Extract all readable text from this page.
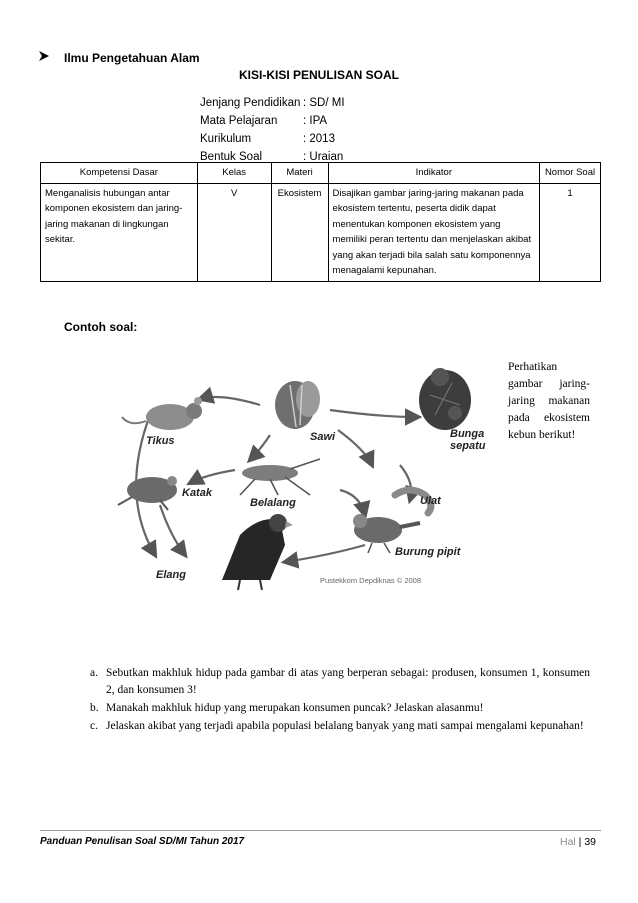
Ilmu Pengetahuan Alam
KISI-KISI PENULISAN SOAL
Jenjang Pendidikan : SD/ MI
Mata Pelajaran	: IPA
Kurikulum	: 2013
Bentuk Soal	: Uraian
Kompetensi Dasar	Kelas	Materi	Indikator	Nomor Soal
Menganalisis hubungan antar komponen ekosistem dan jaring-jaring makanan di lingkungan sekitar.	V	Ekosistem	Disajikan gambar jaring-jaring makanan pada ekosistem tertentu, peserta didik dapat menentukan komponen ekosistem yang memiliki peran tertentu dan menjelaskan akibat yang akan terjadi bila salah satu komponennya menagalami kepunahan.	1
Contoh soal:
Perhatikan gambar jaring-jaring makanan pada ekosistem kebun berikut!
Tikus	Sawi	Bunga
sepatu
Belalang	Ulat
Katak
Burung pipit
Elang	Pustekkom Depdiknas © 2008
a. Sebutkan makhluk hidup pada gambar di atas yang berperan sebagai: produsen, konsumen 1, konsumen 2, dan konsumen 3!
b. Manakah makhluk hidup yang merupakan konsumen puncak? Jelaskan alasanmu!
c. Jelaskan akibat yang terjadi apabila populasi belalang banyak yang mati sampai mengalami kepunahan!
Panduan Penulisan Soal SD/MI Tahun 2017	Hal | 39
